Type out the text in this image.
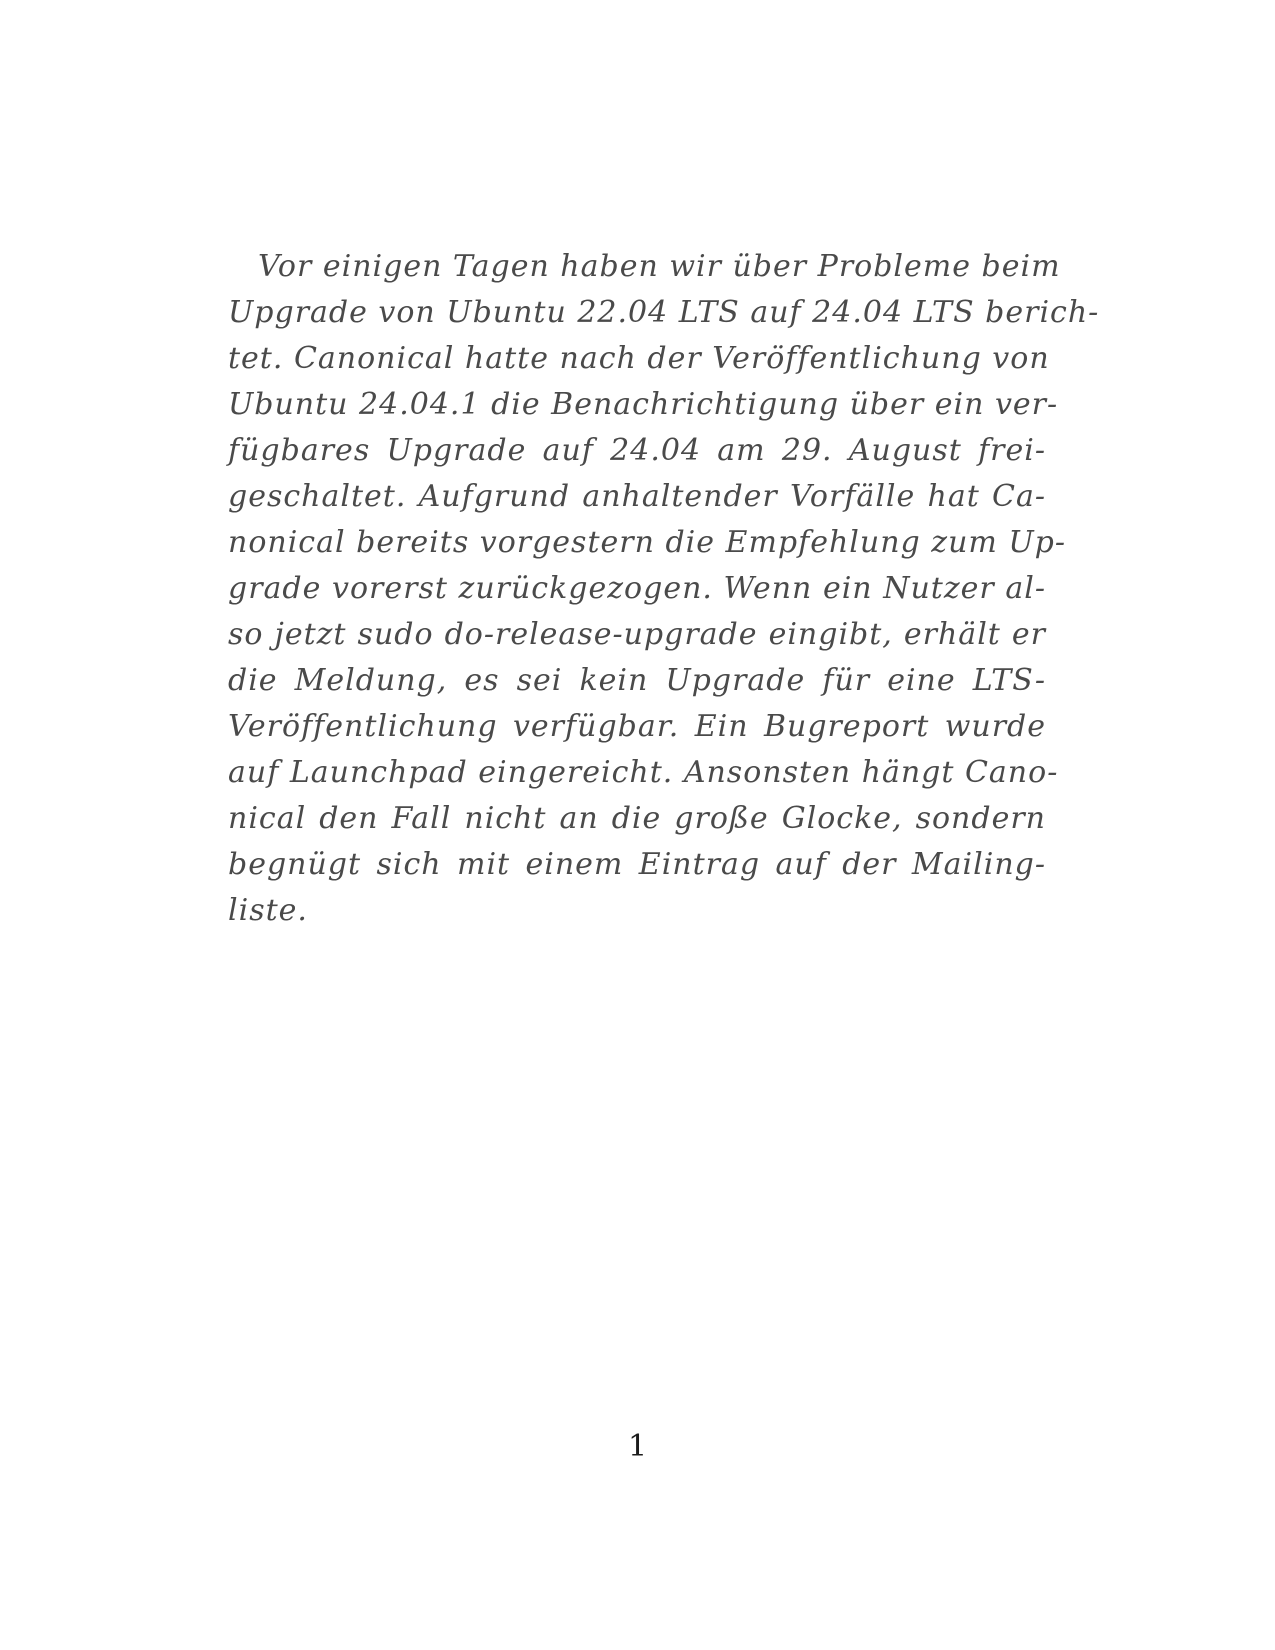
Vor einigen Tagen haben wir über Probleme beim
Upgrade von Ubuntu 22.04 LTS auf 24.04 LTS berich-
tet. Canonical hatte nach der Veröffentlichung von
Ubuntu 24.04.1 die Benachrichtigung über ein ver-
fügbares Upgrade auf 24.04 am 29. August frei-
geschaltet. Aufgrund anhaltender Vorfälle hat Ca-
nonical bereits vorgestern die Empfehlung zum Up-
grade vorerst zurückgezogen. Wenn ein Nutzer al-
so jetzt sudo do-release-upgrade eingibt, erhält er
die Meldung, es sei kein Upgrade für eine LTS-
Veröffentlichung verfügbar. Ein Bugreport wurde
auf Launchpad eingereicht. Ansonsten hängt Cano-
nical den Fall nicht an die große Glocke, sondern
begnügt sich mit einem Eintrag auf der Mailing-
liste.
1
